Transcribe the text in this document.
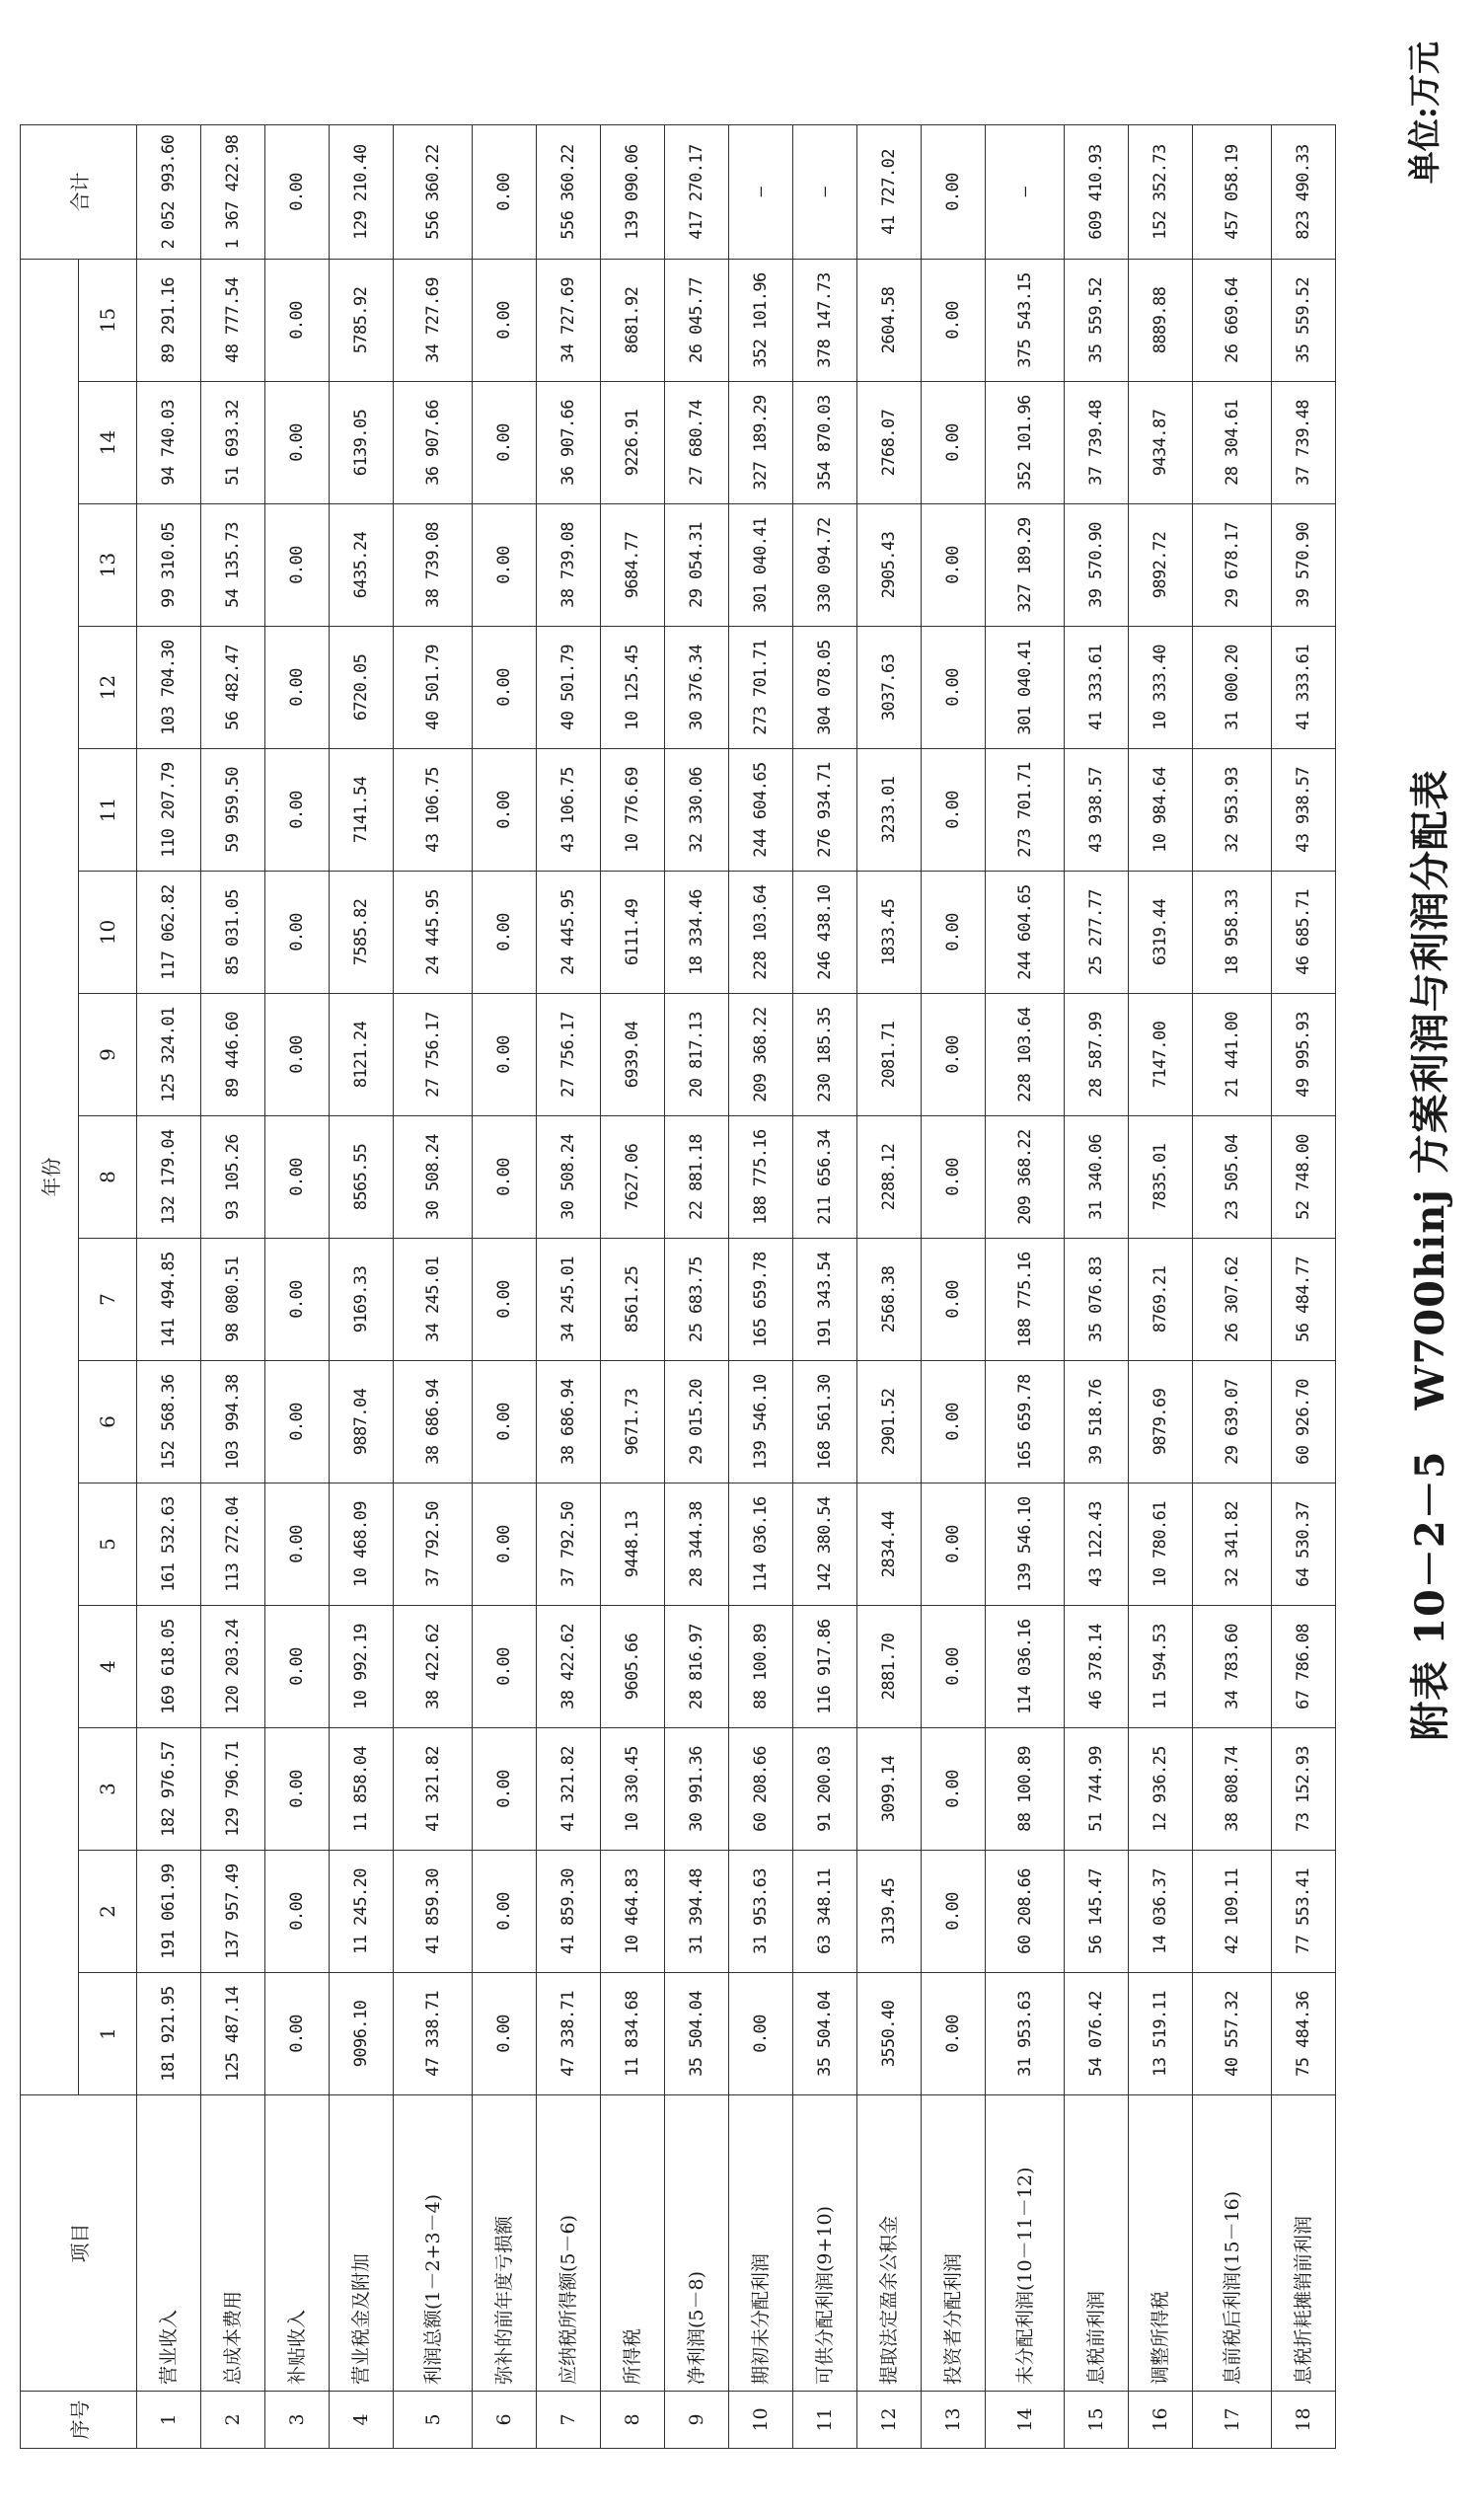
附表 10－2－5　W700hinj 方案利润与利润分配表
单位:万元
序号	项目	年份															合计
		1	2	3	4	5	6	7	8	9	10	11	12	13	14	15	
1	营业收入	181 921.95	191 061.99	182 976.57	169 618.05	161 532.63	152 568.36	141 494.85	132 179.04	125 324.01	117 062.82	110 207.79	103 704.30	99 310.05	94 740.03	89 291.16	2 052 993.60
2	总成本费用	125 487.14	137 957.49	129 796.71	120 203.24	113 272.04	103 994.38	98 080.51	93 105.26	89 446.60	85 031.05	59 959.50	56 482.47	54 135.73	51 693.32	48 777.54	1 367 422.98
3	补贴收入	0.00	0.00	0.00	0.00	0.00	0.00	0.00	0.00	0.00	0.00	0.00	0.00	0.00	0.00	0.00	0.00
4	营业税金及附加	9096.10	11 245.20	11 858.04	10 992.19	10 468.09	9887.04	9169.33	8565.55	8121.24	7585.82	7141.54	6720.05	6435.24	6139.05	5785.92	129 210.40
5	利润总额(1－2+3－4)	47 338.71	41 859.30	41 321.82	38 422.62	37 792.50	38 686.94	34 245.01	30 508.24	27 756.17	24 445.95	43 106.75	40 501.79	38 739.08	36 907.66	34 727.69	556 360.22
6	弥补的前年度亏损额	0.00	0.00	0.00	0.00	0.00	0.00	0.00	0.00	0.00	0.00	0.00	0.00	0.00	0.00	0.00	0.00
7	应纳税所得额(5－6)	47 338.71	41 859.30	41 321.82	38 422.62	37 792.50	38 686.94	34 245.01	30 508.24	27 756.17	24 445.95	43 106.75	40 501.79	38 739.08	36 907.66	34 727.69	556 360.22
8	所得税	11 834.68	10 464.83	10 330.45	9605.66	9448.13	9671.73	8561.25	7627.06	6939.04	6111.49	10 776.69	10 125.45	9684.77	9226.91	8681.92	139 090.06
9	净利润(5－8)	35 504.04	31 394.48	30 991.36	28 816.97	28 344.38	29 015.20	25 683.75	22 881.18	20 817.13	18 334.46	32 330.06	30 376.34	29 054.31	27 680.74	26 045.77	417 270.17
10	期初未分配利润	0.00	31 953.63	60 208.66	88 100.89	114 036.16	139 546.10	165 659.78	188 775.16	209 368.22	228 103.64	244 604.65	273 701.71	301 040.41	327 189.29	352 101.96	—
11	可供分配利润(9+10)	35 504.04	63 348.11	91 200.03	116 917.86	142 380.54	168 561.30	191 343.54	211 656.34	230 185.35	246 438.10	276 934.71	304 078.05	330 094.72	354 870.03	378 147.73	—
12	提取法定盈余公积金	3550.40	3139.45	3099.14	2881.70	2834.44	2901.52	2568.38	2288.12	2081.71	1833.45	3233.01	3037.63	2905.43	2768.07	2604.58	41 727.02
13	投资者分配利润	0.00	0.00	0.00	0.00	0.00	0.00	0.00	0.00	0.00	0.00	0.00	0.00	0.00	0.00	0.00	0.00
14	未分配利润(10－11－12)	31 953.63	60 208.66	88 100.89	114 036.16	139 546.10	165 659.78	188 775.16	209 368.22	228 103.64	244 604.65	273 701.71	301 040.41	327 189.29	352 101.96	375 543.15	—
15	息税前利润	54 076.42	56 145.47	51 744.99	46 378.14	43 122.43	39 518.76	35 076.83	31 340.06	28 587.99	25 277.77	43 938.57	41 333.61	39 570.90	37 739.48	35 559.52	609 410.93
16	调整所得税	13 519.11	14 036.37	12 936.25	11 594.53	10 780.61	9879.69	8769.21	7835.01	7147.00	6319.44	10 984.64	10 333.40	9892.72	9434.87	8889.88	152 352.73
17	息前税后利润(15－16)	40 557.32	42 109.11	38 808.74	34 783.60	32 341.82	29 639.07	26 307.62	23 505.04	21 441.00	18 958.33	32 953.93	31 000.20	29 678.17	28 304.61	26 669.64	457 058.19
18	息税折耗摊销前利润	75 484.36	77 553.41	73 152.93	67 786.08	64 530.37	60 926.70	56 484.77	52 748.00	49 995.93	46 685.71	43 938.57	41 333.61	39 570.90	37 739.48	35 559.52	823 490.33
